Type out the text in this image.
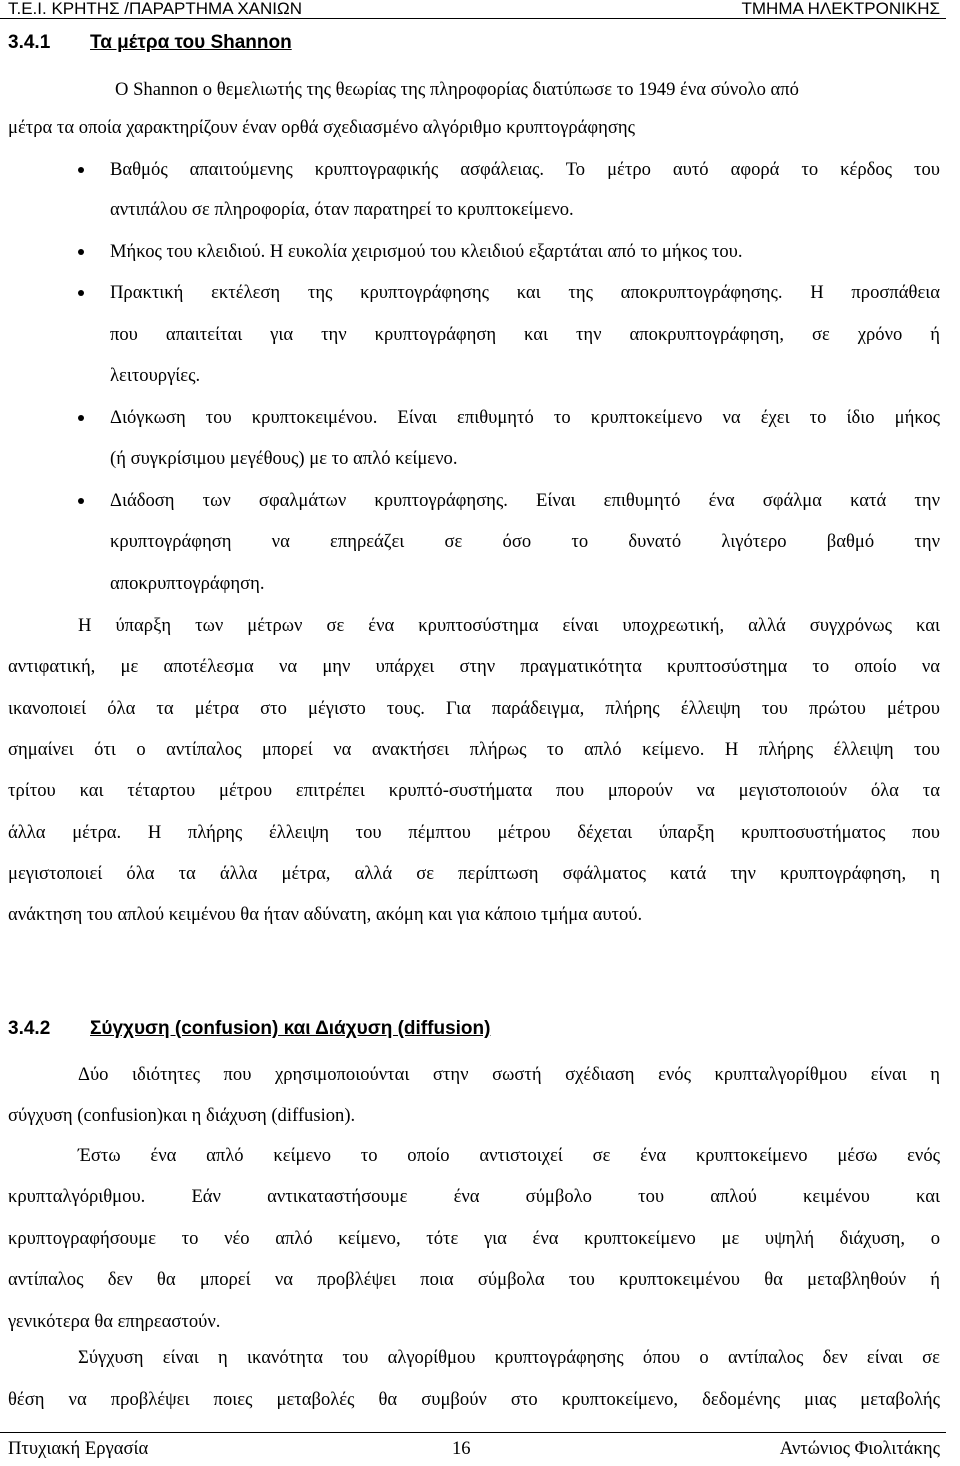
T.E.I. ΚΡΗΤΗΣ /ΠΑΡΑΡΤΗΜΑ ΧΑΝΙΩΝ	ΤΜΗΜΑ ΗΛΕΚΤΡΟΝΙΚΗΣ
3.4.1 Τα μέτρα του Shannon
Ο Shannon ο θεμελιωτής της θεωρίας της πληροφορίας διατύπωσε το 1949 ένα σύνολο από
μέτρα τα οποία χαρακτηρίζουν έναν ορθά σχεδιασμένο αλγόριθμο κρυπτογράφησης
Βαθμός απαιτούμενης κρυπτογραφικής ασφάλειας. Το μέτρο αυτό αφορά το κέρδος του
αντιπάλου σε πληροφορία, όταν παρατηρεί το κρυπτοκείμενο.
Μήκος του κλειδιού. Η ευκολία χειρισμού του κλειδιού εξαρτάται από το μήκος του.
Πρακτική εκτέλεση της κρυπτογράφησης και της αποκρυπτογράφησης. Η προσπάθεια
που απαιτείται για την κρυπτογράφηση και την αποκρυπτογράφηση, σε χρόνο ή
λειτουργίες.
Διόγκωση του κρυπτοκειμένου. Είναι επιθυμητό το κρυπτοκείμενο να έχει το ίδιο μήκος
(ή συγκρίσιμου μεγέθους) με το απλό κείμενο.
Διάδοση των σφαλμάτων κρυπτογράφησης. Είναι επιθυμητό ένα σφάλμα κατά την
κρυπτογράφηση να επηρεάζει σε όσο το δυνατό λιγότερο βαθμό την
αποκρυπτογράφηση.
Η ύπαρξη των μέτρων σε ένα κρυπτοσύστημα είναι υποχρεωτική, αλλά συγχρόνως και
αντιφατική, με αποτέλεσμα να μην υπάρχει στην πραγματικότητα κρυπτοσύστημα το οποίο να
ικανοποιεί όλα τα μέτρα στο μέγιστο τους. Για παράδειγμα, πλήρης έλλειψη του πρώτου μέτρου
σημαίνει ότι ο αντίπαλος μπορεί να ανακτήσει πλήρως το απλό κείμενο. Η πλήρης έλλειψη του
τρίτου και τέταρτου μέτρου επιτρέπει κρυπτό-συστήματα που μπορούν να μεγιστοποιούν όλα τα
άλλα μέτρα. Η πλήρης έλλειψη του πέμπτου μέτρου δέχεται ύπαρξη κρυπτοσυστήματος που
μεγιστοποιεί όλα τα άλλα μέτρα, αλλά σε περίπτωση σφάλματος κατά την κρυπτογράφηση, η
ανάκτηση του απλού κειμένου θα ήταν αδύνατη, ακόμη και για κάποιο τμήμα αυτού.
Δύο ιδιότητες που χρησιμοποιούνται στην σωστή σχέδιαση ενός κρυπταλγορίθμου είναι η
σύγχυση (confusion)και η διάχυση (diffusion).
Έστω ένα απλό κείμενο το οποίο αντιστοιχεί σε ένα κρυπτοκείμενο μέσω ενός
κρυπταλγόριθμου. Εάν αντικαταστήσουμε ένα σύμβολο του απλού κειμένου και
κρυπτογραφήσουμε το νέο απλό κείμενο, τότε για ένα κρυπτοκείμενο με υψηλή διάχυση, ο
αντίπαλος δεν θα μπορεί να προβλέψει ποια σύμβολα του κρυπτοκειμένου θα μεταβληθούν ή
γενικότερα θα επηρεαστούν.
Σύγχυση είναι η ικανότητα του αλγορίθμου κρυπτογράφησης όπου ο αντίπαλος δεν είναι σε
θέση να προβλέψει ποιες μεταβολές θα συμβούν στο κρυπτοκείμενο, δεδομένης μιας μεταβολής
3.4.2 Σύγχυση (confusion) και Διάχυση (diffusion)
Πτυχιακή Εργασία	16	Αντώνιος Φιολιτάκης
